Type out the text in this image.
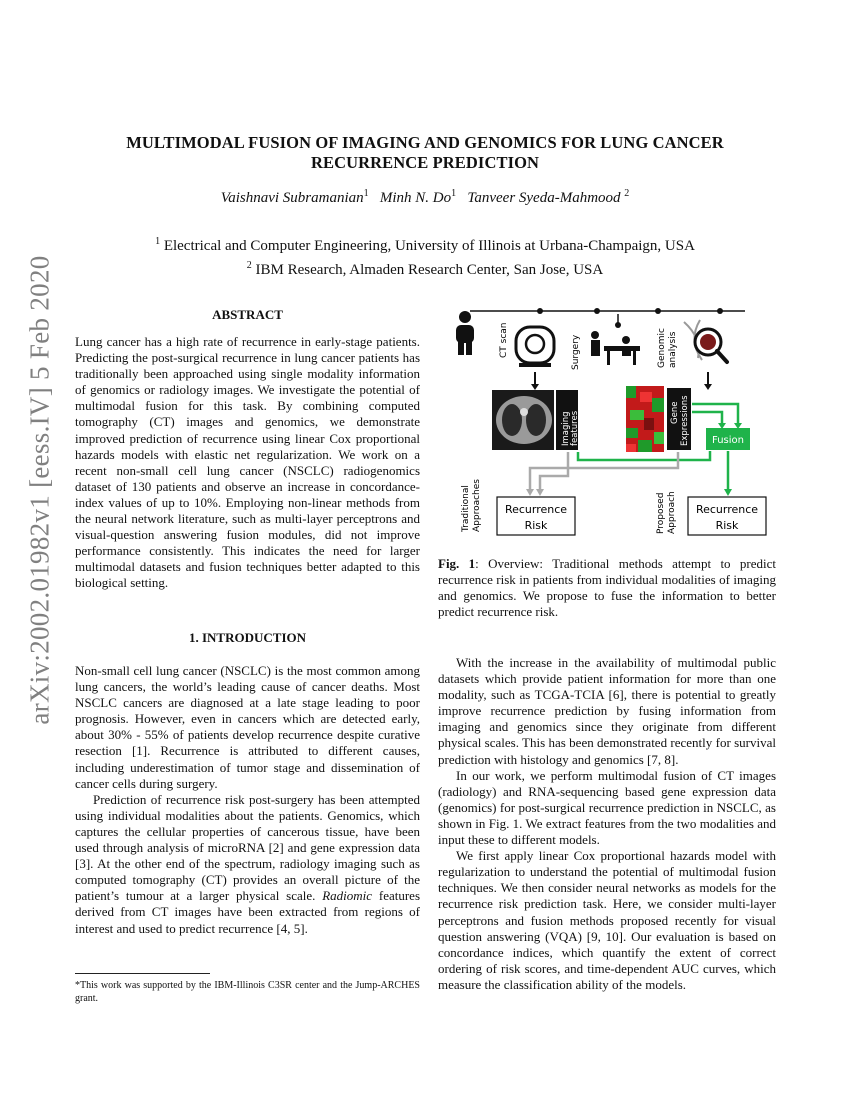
arXiv:2002.01982v1 [eess.IV] 5 Feb 2020
MULTIMODAL FUSION OF IMAGING AND GENOMICS FOR LUNG CANCER
RECURRENCE PREDICTION
Vaishnavi Subramanian$^1$ Minh N. Do$^1$ Tanveer Syeda-Mahmood $^2$
$^1$ Electrical and Computer Engineering, University of Illinois at Urbana-Champaign, USA
$^2$ IBM Research, Almaden Research Center, San Jose, USA
ABSTRACT

Lung cancer has a high rate of recurrence in early-stage patients. Predicting the post-surgical recurrence in lung cancer patients has traditionally been approached using single modality information of genomics or radiology images. We investigate the potential of multimodal fusion for this task. By combining computed tomography (CT) images and genomics, we demonstrate improved prediction of recurrence using linear Cox proportional hazards models with elastic net regularization. We work on a recent non-small cell lung cancer (NSCLC) radiogenomics dataset of 130 patients and observe an increase in concordance-index values of up to 10%. Employing non-linear methods from the neural network literature, such as multi-layer perceptrons and visual-question answering fusion modules, did not improve performance consistently. This indicates the need for larger multimodal datasets and fusion techniques better adapted to this biological setting.

1. INTRODUCTION

Non-small cell lung cancer (NSCLC) is the most common among lung cancers, the world’s leading cause of cancer deaths. Most NSCLC cancers are diagnosed at a late stage leading to poor prognosis. However, even in cancers which are detected early, about 30% - 55% of patients develop recurrence despite curative resection [1]. Recurrence is attributed to different causes, including underestimation of tumor stage and dissemination of cancer cells during surgery.

Prediction of recurrence risk post-surgery has been attempted using individual modalities about the patients. Genomics, which captures the cellular properties of cancerous tissue, have been used through analysis of microRNA [2] and gene expression data [3]. At the other end of the spectrum, radiology imaging such as computed tomography (CT) provides an overall picture of the patient’s tumour at a larger physical scale. Radiomic features derived from CT images have been extracted from regions of interest and used to predict recurrence [4, 5].

*This work was supported by the IBM-Illinois C3SR center and the Jump-ARCHES grant.
CT scan	Surgery	Genomic analysis
Imaging features	Gene Expressions Fusion
Traditional Approaches Recurrence
Risk	Proposed Approach Recurrence
Risk
Fig. 1: Overview: Traditional methods attempt to predict recurrence risk in patients from individual modalities of imaging and genomics. We propose to fuse the information to better predict recurrence risk.

With the increase in the availability of multimodal public datasets which provide patient information for more than one modality, such as TCGA-TCIA [6], there is potential to greatly improve recurrence prediction by fusing information from imaging and genomics since they originate from different physical scales. This has been demonstrated recently for survival prediction with histology and genomics [7, 8].

In our work, we perform multimodal fusion of CT images (radiology) and RNA-sequencing based gene expression data (genomics) for post-surgical recurrence prediction in NSCLC, as shown in Fig. 1. We extract features from the two modalities and input these to different models.

We first apply linear Cox proportional hazards model with regularization to understand the potential of multimodal fusion techniques. We then consider neural networks as models for the recurrence risk prediction task. Here, we consider multi-layer perceptrons and fusion methods proposed recently for visual question answering (VQA) [9, 10]. Our evaluation is based on concordance indices, which quantify the extent of correct ordering of risk scores, and time-dependent AUC curves, which measure the classification ability of the models.
